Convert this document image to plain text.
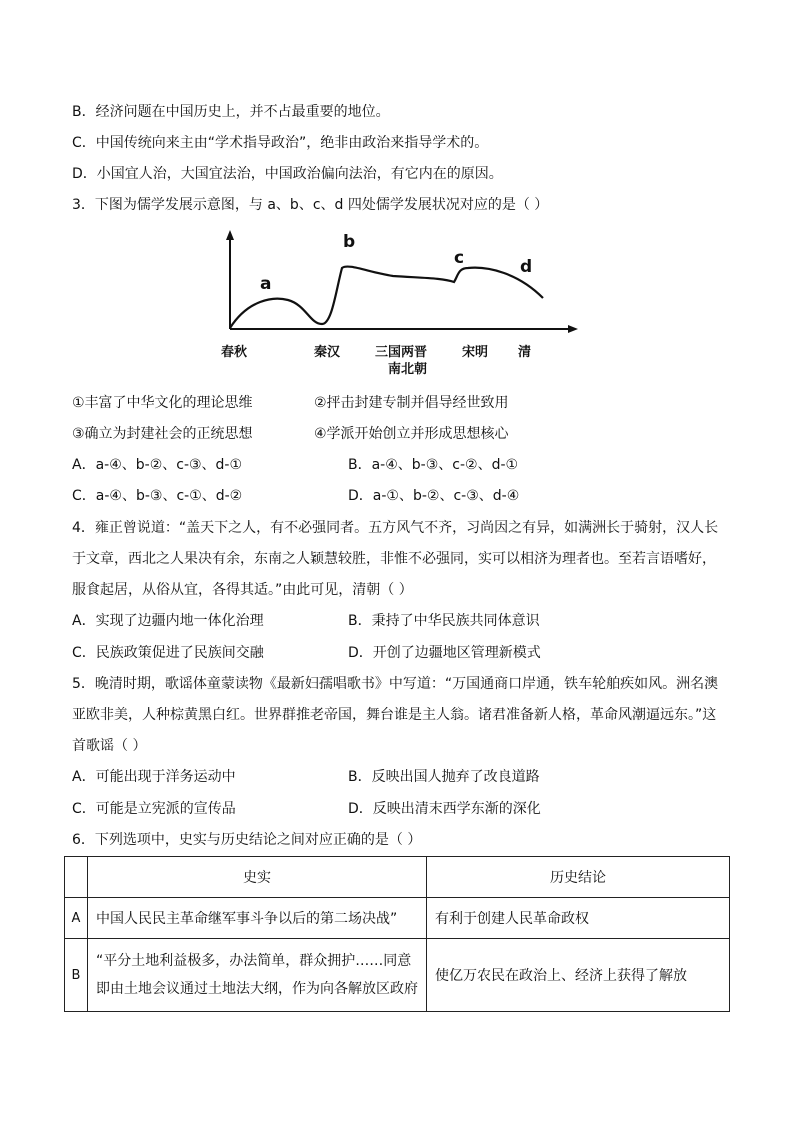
B．经济问题在中国历史上，并不占最重要的地位。
C．中国传统向来主由“学术指导政治”，绝非由政治来指导学术的。
D．小国宜人治，大国宜法治，中国政治偏向法治，有它内在的原因。
3．下图为儒学发展示意图，与 a、b、c、d 四处儒学发展状况对应的是（ ）
a
b
c	d
春秋	秦汉	三国两晋
南北朝
宋明 清
①丰富了中华文化的理论思维	②抨击封建专制并倡导经世致用
③确立为封建社会的正统思想	④学派开始创立并形成思想核心
A．a-④、b-②、c-③、d-①	B．a-④、b-③、c-②、d-①
C．a-④、b-③、c-①、d-②	D．a-①、b-②、c-③、d-④
4．雍正曾说道：“盖天下之人，有不必强同者。五方风气不齐，习尚因之有异，如满洲长于骑射，汉人长
于文章，西北之人果决有余，东南之人颖慧较胜，非惟不必强同，实可以相济为理者也。至若言语嗜好，
服食起居，从俗从宜，各得其适。”由此可见，清朝（ ）
A．实现了边疆内地一体化治理	B．秉持了中华民族共同体意识
C．民族政策促进了民族间交融	D．开创了边疆地区管理新模式
5．晚清时期，歌谣体童蒙读物《最新妇孺唱歌书》中写道：“万国通商口岸通，铁车轮舶疾如风。洲名澳
亚欧非美，人种棕黄黑白红。世界群推老帝国，舞台谁是主人翁。诸君准备新人格，革命风潮逼远东。”这
首歌谣（ ）
A．可能出现于洋务运动中	B．反映出国人抛弃了改良道路
C．可能是立宪派的宣传品	D．反映出清末西学东渐的深化
6．下列选项中，史实与历史结论之间对应正确的是（ ）
	史实	历史结论
A	中国人民民主革命继军事斗争以后的第二场决战”	有利于创建人民革命政权
B	“平分土地利益极多，办法简单，群众拥护……同意
即由土地会议通过土地法大纲，作为向各解放区政府	使亿万农民在政治上、经济上获得了解放
